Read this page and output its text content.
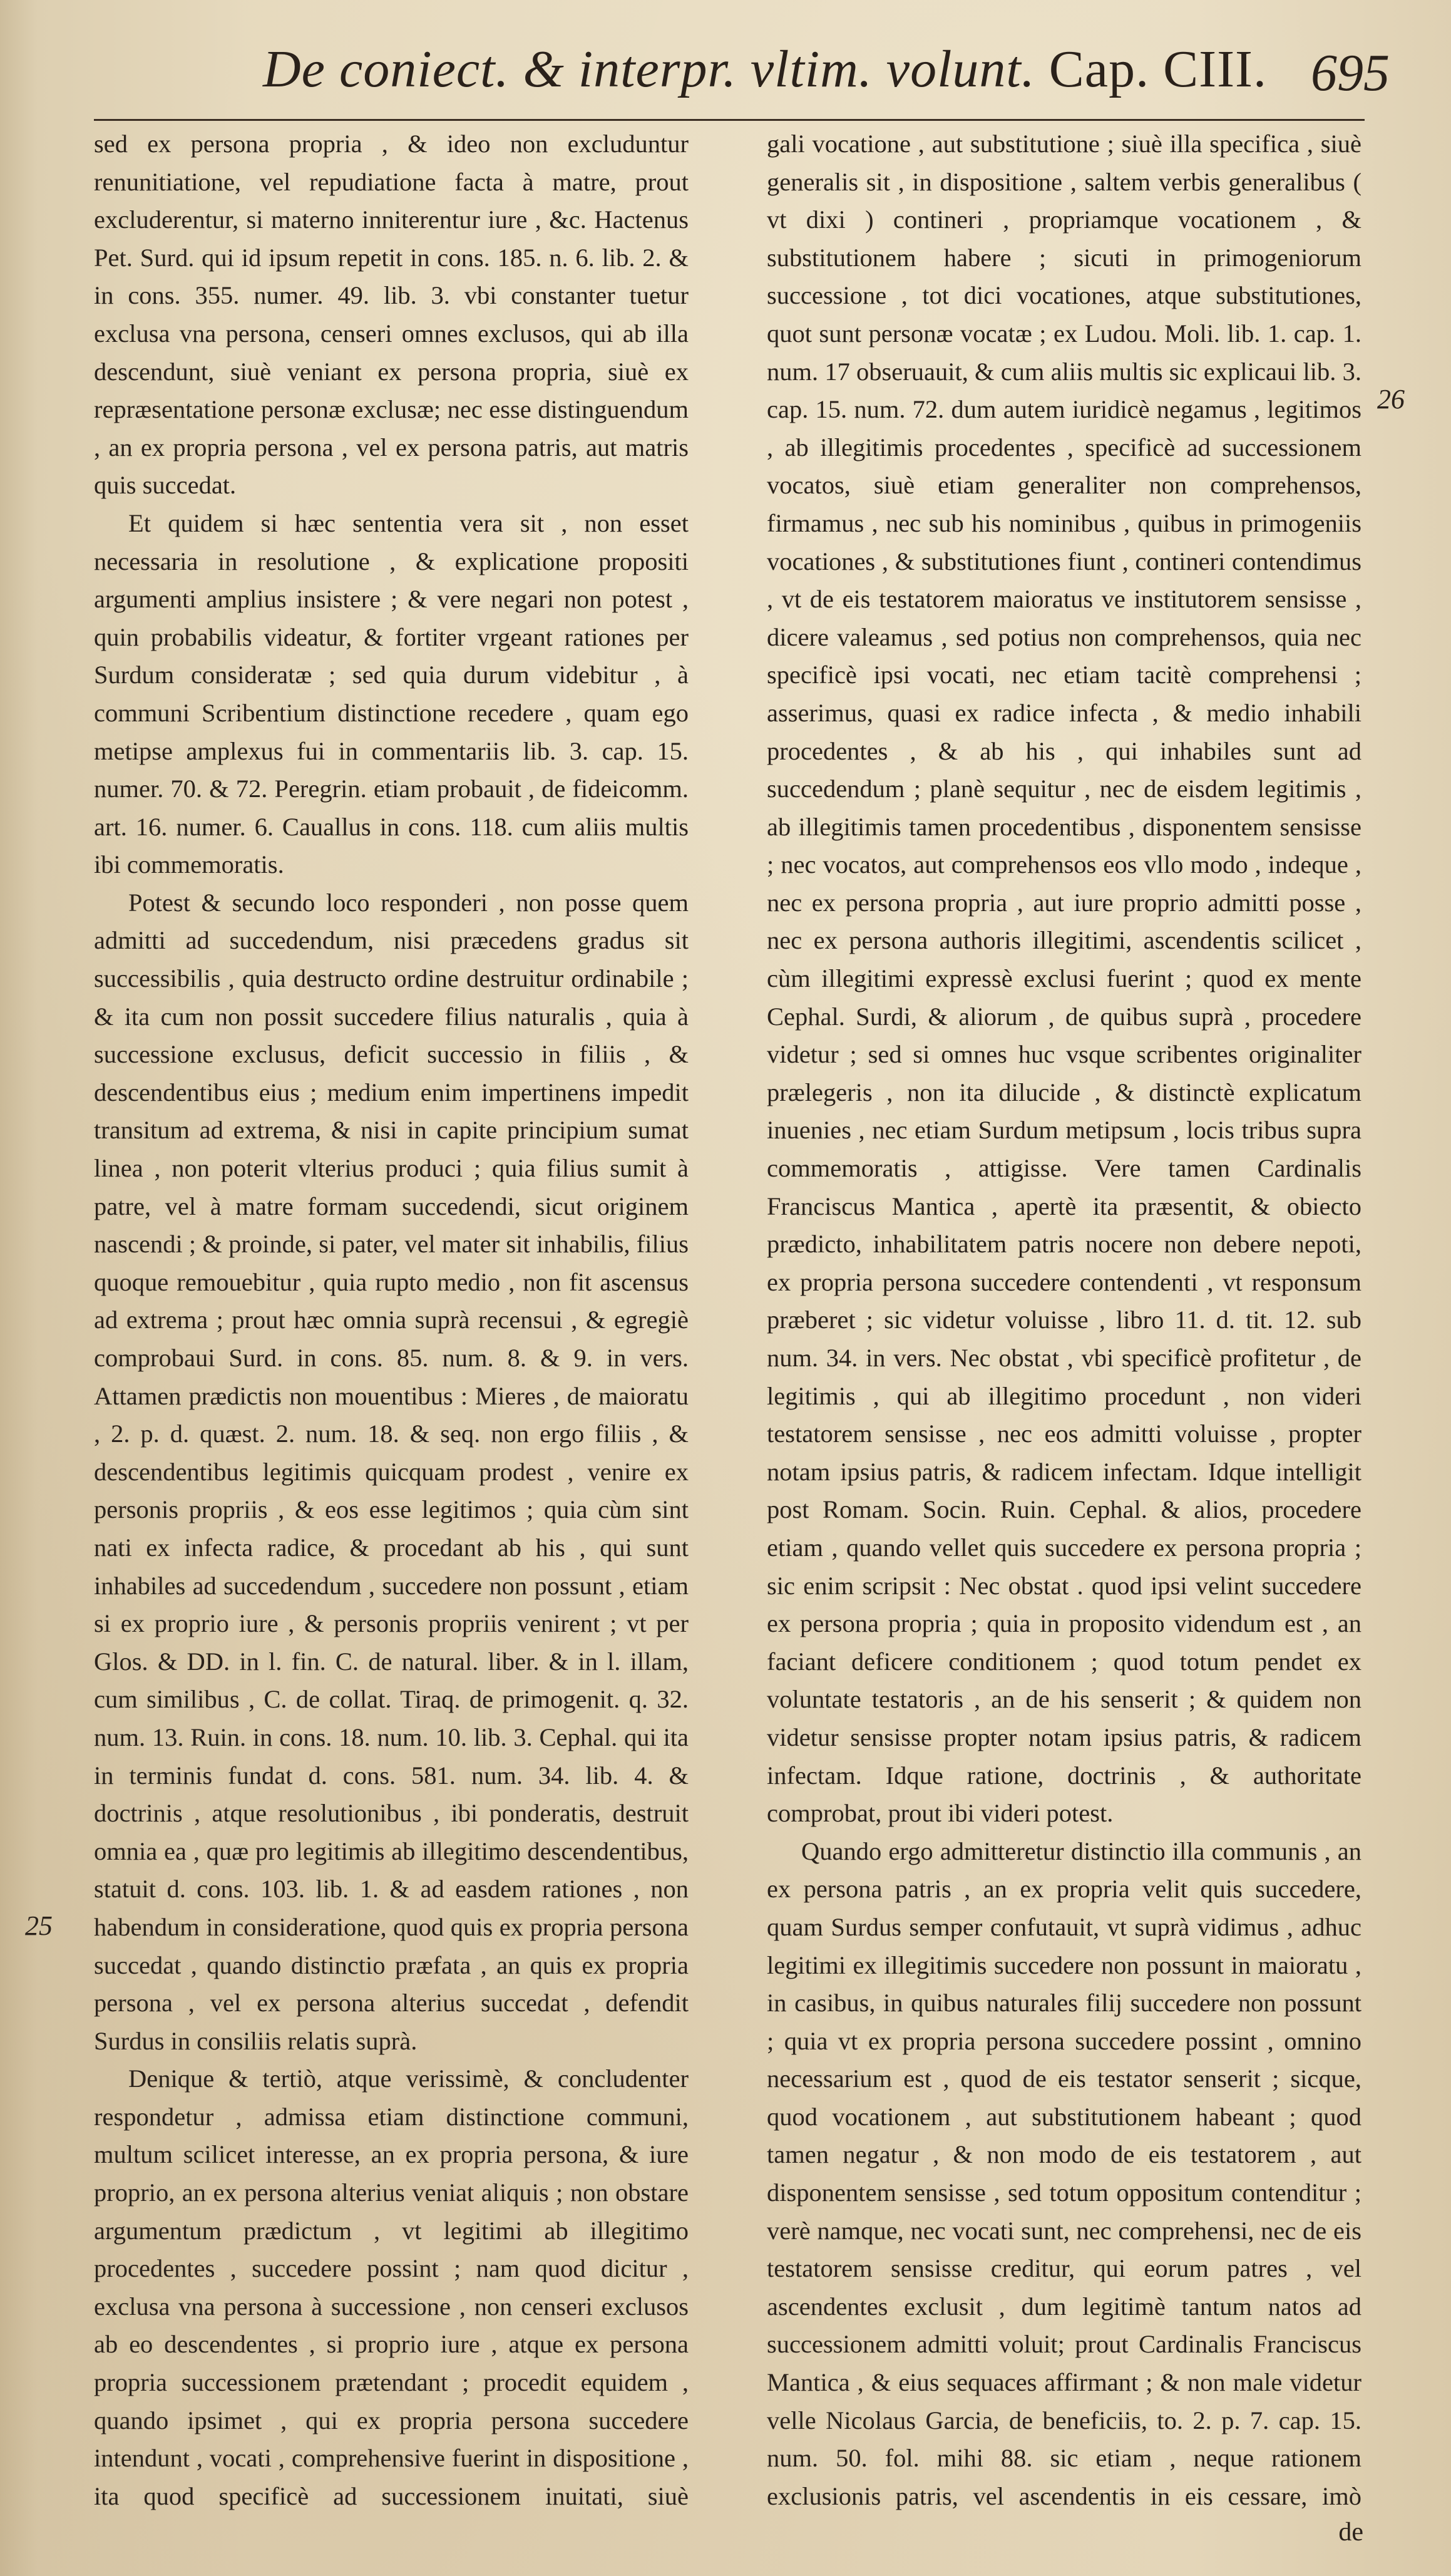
De coniect. & interpr. vltim. volunt. Cap. CIII. 695

sed ex persona propria , & ideo non excluduntur renunitiatione, vel repudiatione facta à matre, prout excluderentur, si materno inniterentur iure , &c. Hactenus Pet. Surd. qui id ipsum repetit in cons. 185. n. 6. lib. 2. & in cons. 355. numer. 49. lib. 3. vbi constanter tuetur exclusa vna persona, censeri omnes exclusos, qui ab illa descendunt, siuè veniant ex persona propria, siuè ex repræsentatione personæ exclusæ; nec esse distinguendum , an ex propria persona , vel ex persona patris, aut matris quis succedat.

Et quidem si hæc sententia vera sit , non esset necessaria in resolutione , & explicatione propositi argumenti amplius insistere ; & vere negari non potest , quin probabilis videatur, & fortiter vrgeant rationes per Surdum consideratæ ; sed quia durum videbitur , à communi Scribentium distinctione recedere , quam ego metipse amplexus fui in commentariis lib. 3. cap. 15. numer. 70. & 72. Peregrin. etiam probauit , de fideicomm. art. 16. numer. 6. Cauallus in cons. 118. cum aliis multis ibi commemoratis.

Potest & secundo loco responderi , non posse quem admitti ad succedendum, nisi præcedens gradus sit successibilis , quia destructo ordine destruitur ordinabile ; & ita cum non possit succedere filius naturalis , quia à successione exclusus, deficit successio in filiis , & descendentibus eius ; medium enim impertinens impedit transitum ad extrema, & nisi in capite principium sumat linea , non poterit vlterius produci ; quia filius sumit à patre, vel à matre formam succedendi, sicut originem nascendi ; & proinde, si pater, vel mater sit inhabilis, filius quoque remouebitur , quia rupto medio , non fit ascensus ad extrema ; prout hæc omnia suprà recensui , & egregiè comprobaui Surd. in cons. 85. num. 8. & 9. in vers. Attamen prædictis non mouentibus : Mieres , de maioratu , 2. p. d. quæst. 2. num. 18. & seq. non ergo filiis , & descendentibus legitimis quicquam prodest , venire ex personis propriis , & eos esse legitimos ; quia cùm sint nati ex infecta radice, & procedant ab his , qui sunt inhabiles ad succedendum , succedere non possunt , etiam si ex proprio iure , & personis propriis venirent ; vt per Glos. & DD. in l. fin. C. de natural. liber. & in l. illam, cum similibus , C. de collat. Tiraq. de primogenit. q. 32. num. 13. Ruin. in cons. 18. num. 10. lib. 3. Cephal. qui ita in terminis fundat d. cons. 581. num. 34. lib. 4. & doctrinis , atque resolutionibus , ibi ponderatis, destruit omnia ea , quæ pro legitimis ab illegitimo descendentibus, statuit d. cons. 103. lib. 1. & ad easdem rationes , non habendum in consideratione, quod quis ex propria persona succedat , quando distinctio præfata , an quis ex propria persona , vel ex persona alterius succedat , defendit Surdus in consiliis relatis suprà.

Denique & tertiò, atque verissimè, & concludenter respondetur , admissa etiam distinctione communi, multum scilicet interesse, an ex propria persona, & iure proprio, an ex persona alterius veniat aliquis ; non obstare argumentum prædictum , vt legitimi ab illegitimo procedentes , succedere possint ; nam quod dicitur , exclusa vna persona à successione , non censeri exclusos ab eo descendentes , si proprio iure , atque ex persona propria successionem prætendant ; procedit equidem , quando ipsimet , qui ex propria persona succedere intendunt , vocati , comprehensive fuerint in dispositione , ita quod specificè ad successionem inuitati, siuè

gali vocatione , aut substitutione ; siuè illa specifica , siuè generalis sit , in dispositione , saltem verbis generalibus ( vt dixi ) contineri , propriamque vocationem , & substitutionem habere ; sicuti in primogeniorum successione , tot dici vocationes, atque substitutiones, quot sunt personæ vocatæ ; ex Ludou. Moli. lib. 1. cap. 1. num. 17 obseruauit, & cum aliis multis sic explicaui lib. 3. cap. 15. num. 72. dum autem iuridicè negamus , legitimos , ab illegitimis procedentes , specificè ad successionem vocatos, siuè etiam generaliter non comprehensos, firmamus , nec sub his nominibus , quibus in primogeniis vocationes , & substitutiones fiunt , contineri contendimus , vt de eis testatorem maioratus ve institutorem sensisse , dicere valeamus , sed potius non comprehensos, quia nec specificè ipsi vocati, nec etiam tacitè comprehensi ; asserimus, quasi ex radice infecta , & medio inhabili procedentes , & ab his , qui inhabiles sunt ad succedendum ; planè sequitur , nec de eisdem legitimis , ab illegitimis tamen procedentibus , disponentem sensisse ; nec vocatos, aut comprehensos eos vllo modo , indeque , nec ex persona propria , aut iure proprio admitti posse , nec ex persona authoris illegitimi, ascendentis scilicet , cùm illegitimi expressè exclusi fuerint ; quod ex mente Cephal. Surdi, & aliorum , de quibus suprà , procedere videtur ; sed si omnes huc vsque scribentes originaliter prælegeris , non ita dilucide , & distinctè explicatum inuenies , nec etiam Surdum metipsum , locis tribus supra commemoratis , attigisse. Vere tamen Cardinalis Franciscus Mantica , apertè ita præsentit, & obiecto prædicto, inhabilitatem patris nocere non debere nepoti, ex propria persona succedere contendenti , vt responsum præberet ; sic videtur voluisse , libro 11. d. tit. 12. sub num. 34. in vers. Nec obstat , vbi specificè profitetur , de legitimis , qui ab illegitimo procedunt , non videri testatorem sensisse , nec eos admitti voluisse , propter notam ipsius patris, & radicem infectam. Idque intelligit post Romam. Socin. Ruin. Cephal. & alios, procedere etiam , quando vellet quis succedere ex persona propria ; sic enim scripsit : Nec obstat . quod ipsi velint succedere ex persona propria ; quia in proposito videndum est , an faciant deficere conditionem ; quod totum pendet ex voluntate testatoris , an de his senserit ; & quidem non videtur sensisse propter notam ipsius patris, & radicem infectam. Idque ratione, doctrinis , & authoritate comprobat, prout ibi videri potest.

Quando ergo admitteretur distinctio illa communis , an ex persona patris , an ex propria velit quis succedere, quam Surdus semper confutauit, vt suprà vidimus , adhuc legitimi ex illegitimis succedere non possunt in maioratu , in casibus, in quibus naturales filij succedere non possunt ; quia vt ex propria persona succedere possint , omnino necessarium est , quod de eis testator senserit ; sicque, quod vocationem , aut substitutionem habeant ; quod tamen negatur , & non modo de eis testatorem , aut disponentem sensisse , sed totum oppositum contenditur ; verè namque, nec vocati sunt, nec comprehensi, nec de eis testatorem sensisse creditur, qui eorum patres , vel ascendentes exclusit , dum legitimè tantum natos ad successionem admitti voluit; prout Cardinalis Franciscus Mantica , & eius sequaces affirmant ; & non male videtur velle Nicolaus Garcia, de beneficiis, to. 2. p. 7. cap. 15. num. 50. fol. mihi 88. sic etiam , neque rationem exclusionis patris, vel ascendentis in eis cessare, imò

26
25
de
